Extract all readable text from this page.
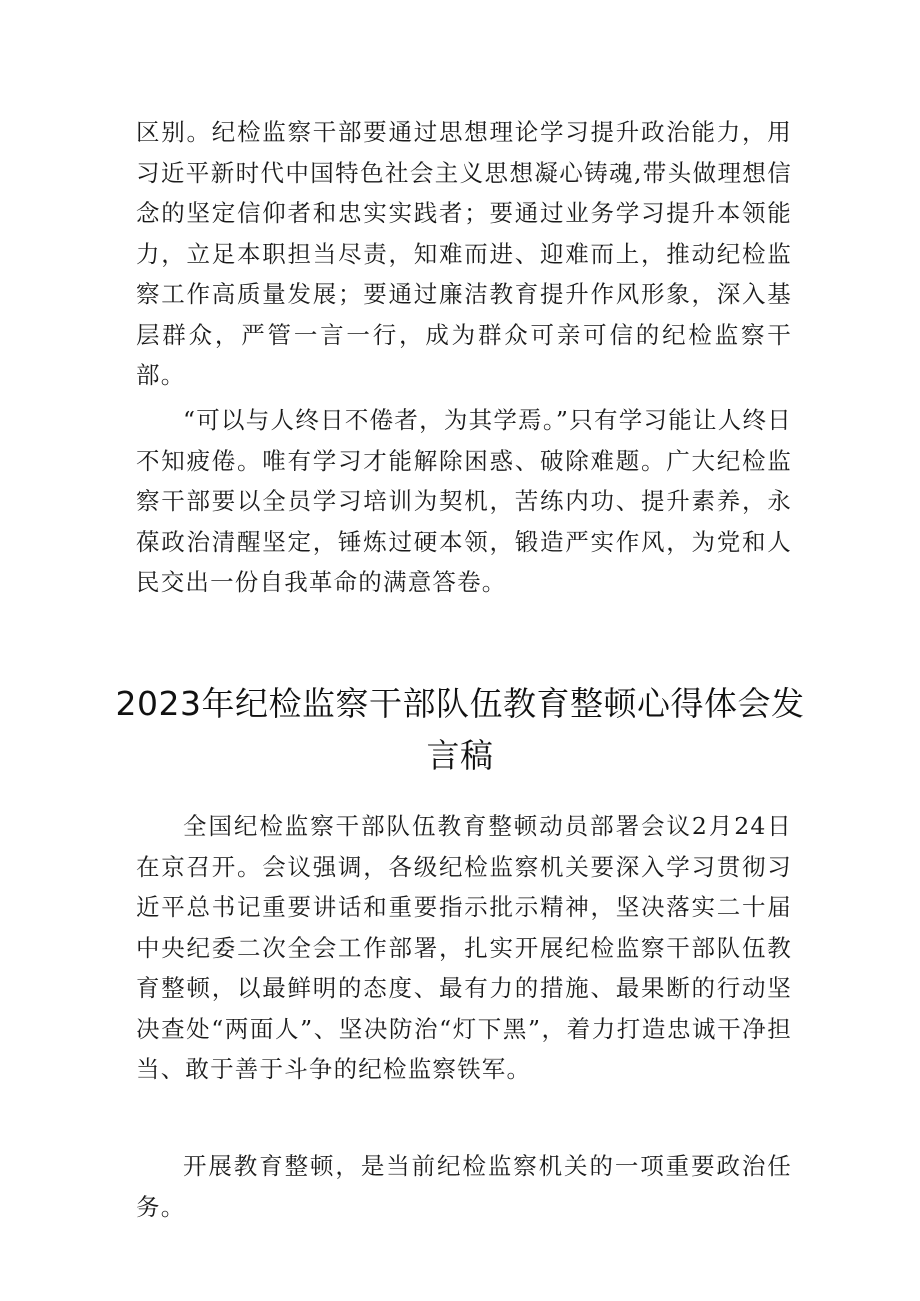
区别。纪检监察干部要通过思想理论学习提升政治能力，用习近平新时代中国特色社会主义思想凝心铸魂,带头做理想信念的坚定信仰者和忠实实践者；要通过业务学习提升本领能力，立足本职担当尽责，知难而进、迎难而上，推动纪检监察工作高质量发展；要通过廉洁教育提升作风形象，深入基层群众，严管一言一行，成为群众可亲可信的纪检监察干部。

“可以与人终日不倦者，为其学焉。”只有学习能让人终日不知疲倦。唯有学习才能解除困惑、破除难题。广大纪检监察干部要以全员学习培训为契机，苦练内功、提升素养，永葆政治清醒坚定，锤炼过硬本领，锻造严实作风，为党和人民交出一份自我革命的满意答卷。

2023年纪检监察干部队伍教育整顿心得体会发言稿

全国纪检监察干部队伍教育整顿动员部署会议2月24日在京召开。会议强调，各级纪检监察机关要深入学习贯彻习近平总书记重要讲话和重要指示批示精神，坚决落实二十届中央纪委二次全会工作部署，扎实开展纪检监察干部队伍教育整顿，以最鲜明的态度、最有力的措施、最果断的行动坚决查处“两面人”、坚决防治“灯下黑”，着力打造忠诚干净担当、敢于善于斗争的纪检监察铁军。

开展教育整顿，是当前纪检监察机关的一项重要政治任务。
